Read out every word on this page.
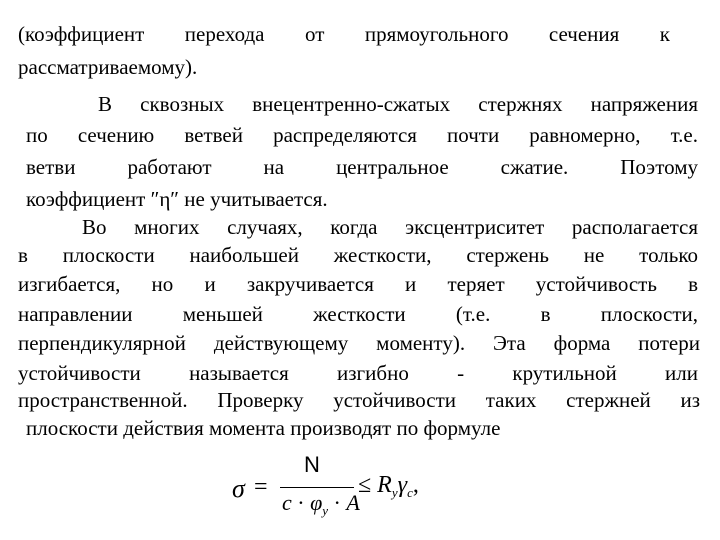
(коэффициент перехода от прямоугольного сечения к
рассматриваемому).
В сквозных внецентренно-сжатых стержнях напряжения
по сечению ветвей распределяются почти равномерно, т.е.
ветви работают на центральное сжатие. Поэтому
коэффициент ″η″ не учитывается.
Во многих случаях, когда эксцентриситет располагается
в плоскости наибольшей жесткости, стержень не только
изгибается, но и закручивается и теряет устойчивость в
направлении меньшей жесткости (т.е. в плоскости,
перпендикулярной действующему моменту). Эта форма потери
устойчивости называется изгибно - крутильной или
пространственной. Проверку устойчивости таких стержней из
плоскости действия момента производят по формуле
σ =
N
$c \cdot \varphi_y \cdot A$
≤ $R_y\gamma_c$,
